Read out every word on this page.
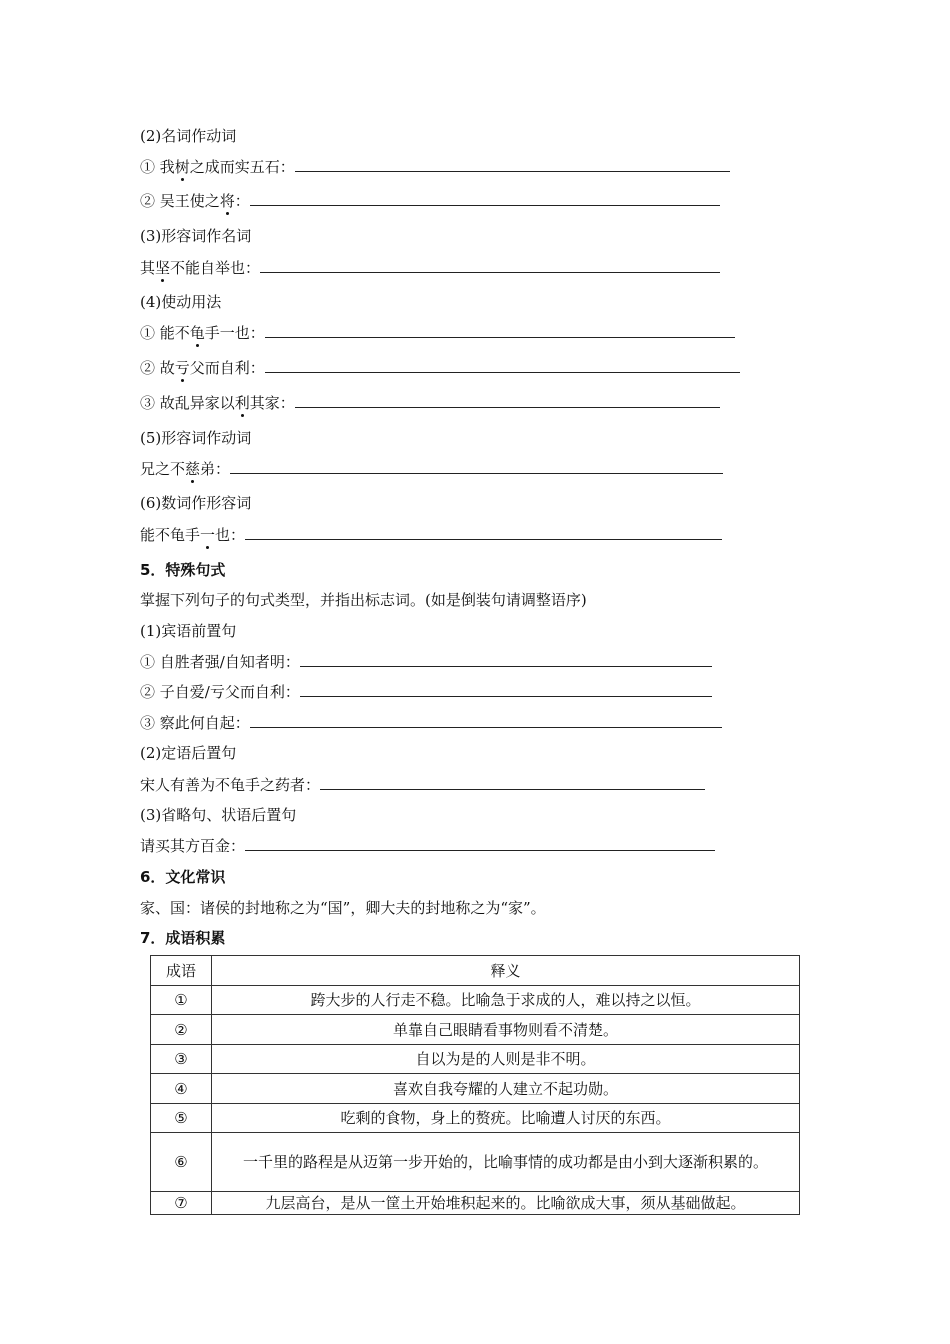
(2)名词作动词
① 我树之成而实五石：
② 吴王使之将：
(3)形容词作名词
其坚不能自举也：
(4)使动用法
① 能不龟手一也：
② 故亏父而自利：
③ 故乱异家以利其家：
(5)形容词作动词
兄之不慈弟：
(6)数词作形容词
能不龟手一也：
5．特殊句式
掌握下列句子的句式类型，并指出标志词。(如是倒装句请调整语序)
(1)宾语前置句
① 自胜者强/自知者明：
② 子自爱/亏父而自利：
③ 察此何自起：
(2)定语后置句
宋人有善为不龟手之药者：
(3)省略句、状语后置句
请买其方百金：
6．文化常识
家、国：诸侯的封地称之为“国”，卿大夫的封地称之为“家”。
7．成语积累
成语	释义
①	跨大步的人行走不稳。比喻急于求成的人，难以持之以恒。
②	单靠自己眼睛看事物则看不清楚。
③	自以为是的人则是非不明。
④	喜欢自我夸耀的人建立不起功勋。
⑤	吃剩的食物，身上的赘疣。比喻遭人讨厌的东西。
⑥	一千里的路程是从迈第一步开始的，比喻事情的成功都是由小到大逐渐积累的。
⑦	九层高台，是从一筐土开始堆积起来的。比喻欲成大事，须从基础做起。
